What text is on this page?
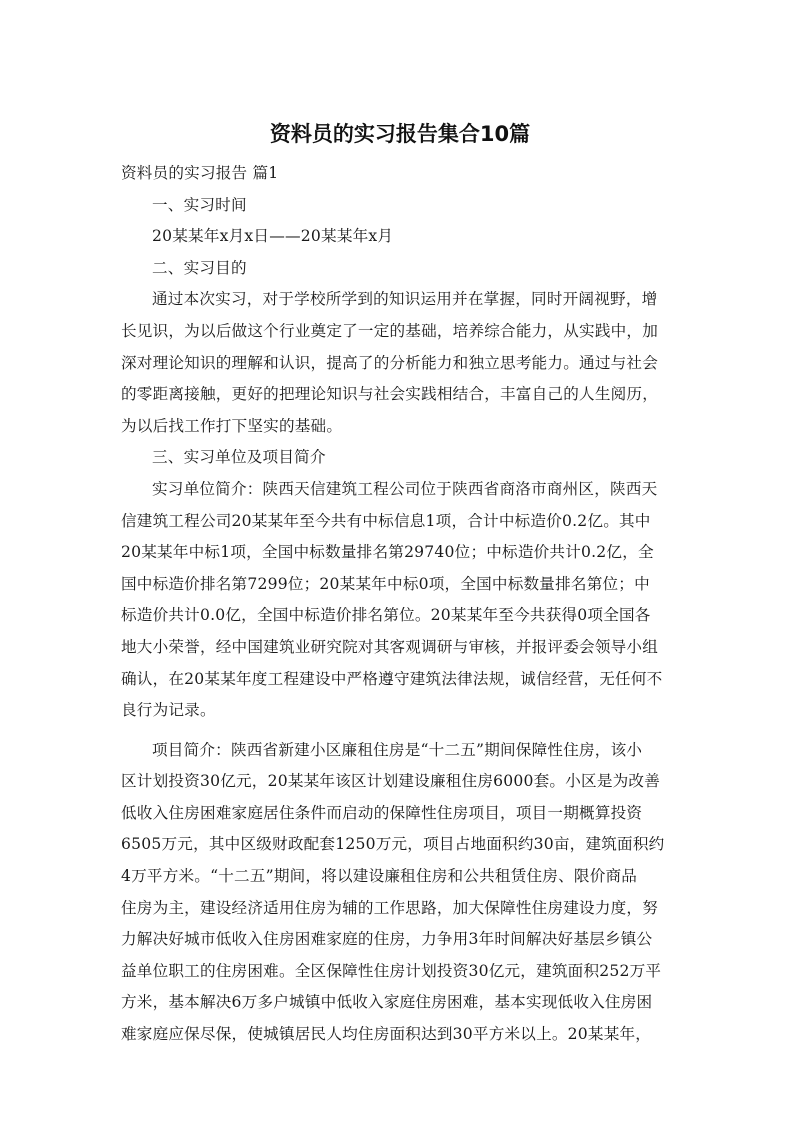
资料员的实习报告集合10篇
资料员的实习报告 篇1
一、实习时间
20某某年x月x日——20某某年x月
二、实习目的
通过本次实习，对于学校所学到的知识运用并在掌握，同时开阔视野，增
长见识，为以后做这个行业奠定了一定的基础，培养综合能力，从实践中，加
深对理论知识的理解和认识，提高了的分析能力和独立思考能力。通过与社会
的零距离接触，更好的把理论知识与社会实践相结合，丰富自己的人生阅历，
为以后找工作打下坚实的基础。
三、实习单位及项目简介
实习单位简介：陕西天信建筑工程公司位于陕西省商洛市商州区，陕西天
信建筑工程公司20某某年至今共有中标信息1项，合计中标造价0.2亿。其中
20某某年中标1项，全国中标数量排名第29740位；中标造价共计0.2亿，全
国中标造价排名第7299位；20某某年中标0项，全国中标数量排名第位；中
标造价共计0.0亿，全国中标造价排名第位。20某某年至今共获得0项全国各
地大小荣誉，经中国建筑业研究院对其客观调研与审核，并报评委会领导小组
确认，在20某某年度工程建设中严格遵守建筑法律法规，诚信经营，无任何不
良行为记录。
项目简介：陕西省新建小区廉租住房是“十二五”期间保障性住房，该小
区计划投资30亿元，20某某年该区计划建设廉租住房6000套。小区是为改善
低收入住房困难家庭居住条件而启动的保障性住房项目，项目一期概算投资
6505万元，其中区级财政配套1250万元，项目占地面积约30亩，建筑面积约
4万平方米。“十二五”期间，将以建设廉租住房和公共租赁住房、限价商品
住房为主，建设经济适用住房为辅的工作思路，加大保障性住房建设力度，努
力解决好城市低收入住房困难家庭的住房，力争用3年时间解决好基层乡镇公
益单位职工的住房困难。全区保障性住房计划投资30亿元，建筑面积252万平
方米，基本解决6万多户城镇中低收入家庭住房困难，基本实现低收入住房困
难家庭应保尽保，使城镇居民人均住房面积达到30平方米以上。20某某年，
